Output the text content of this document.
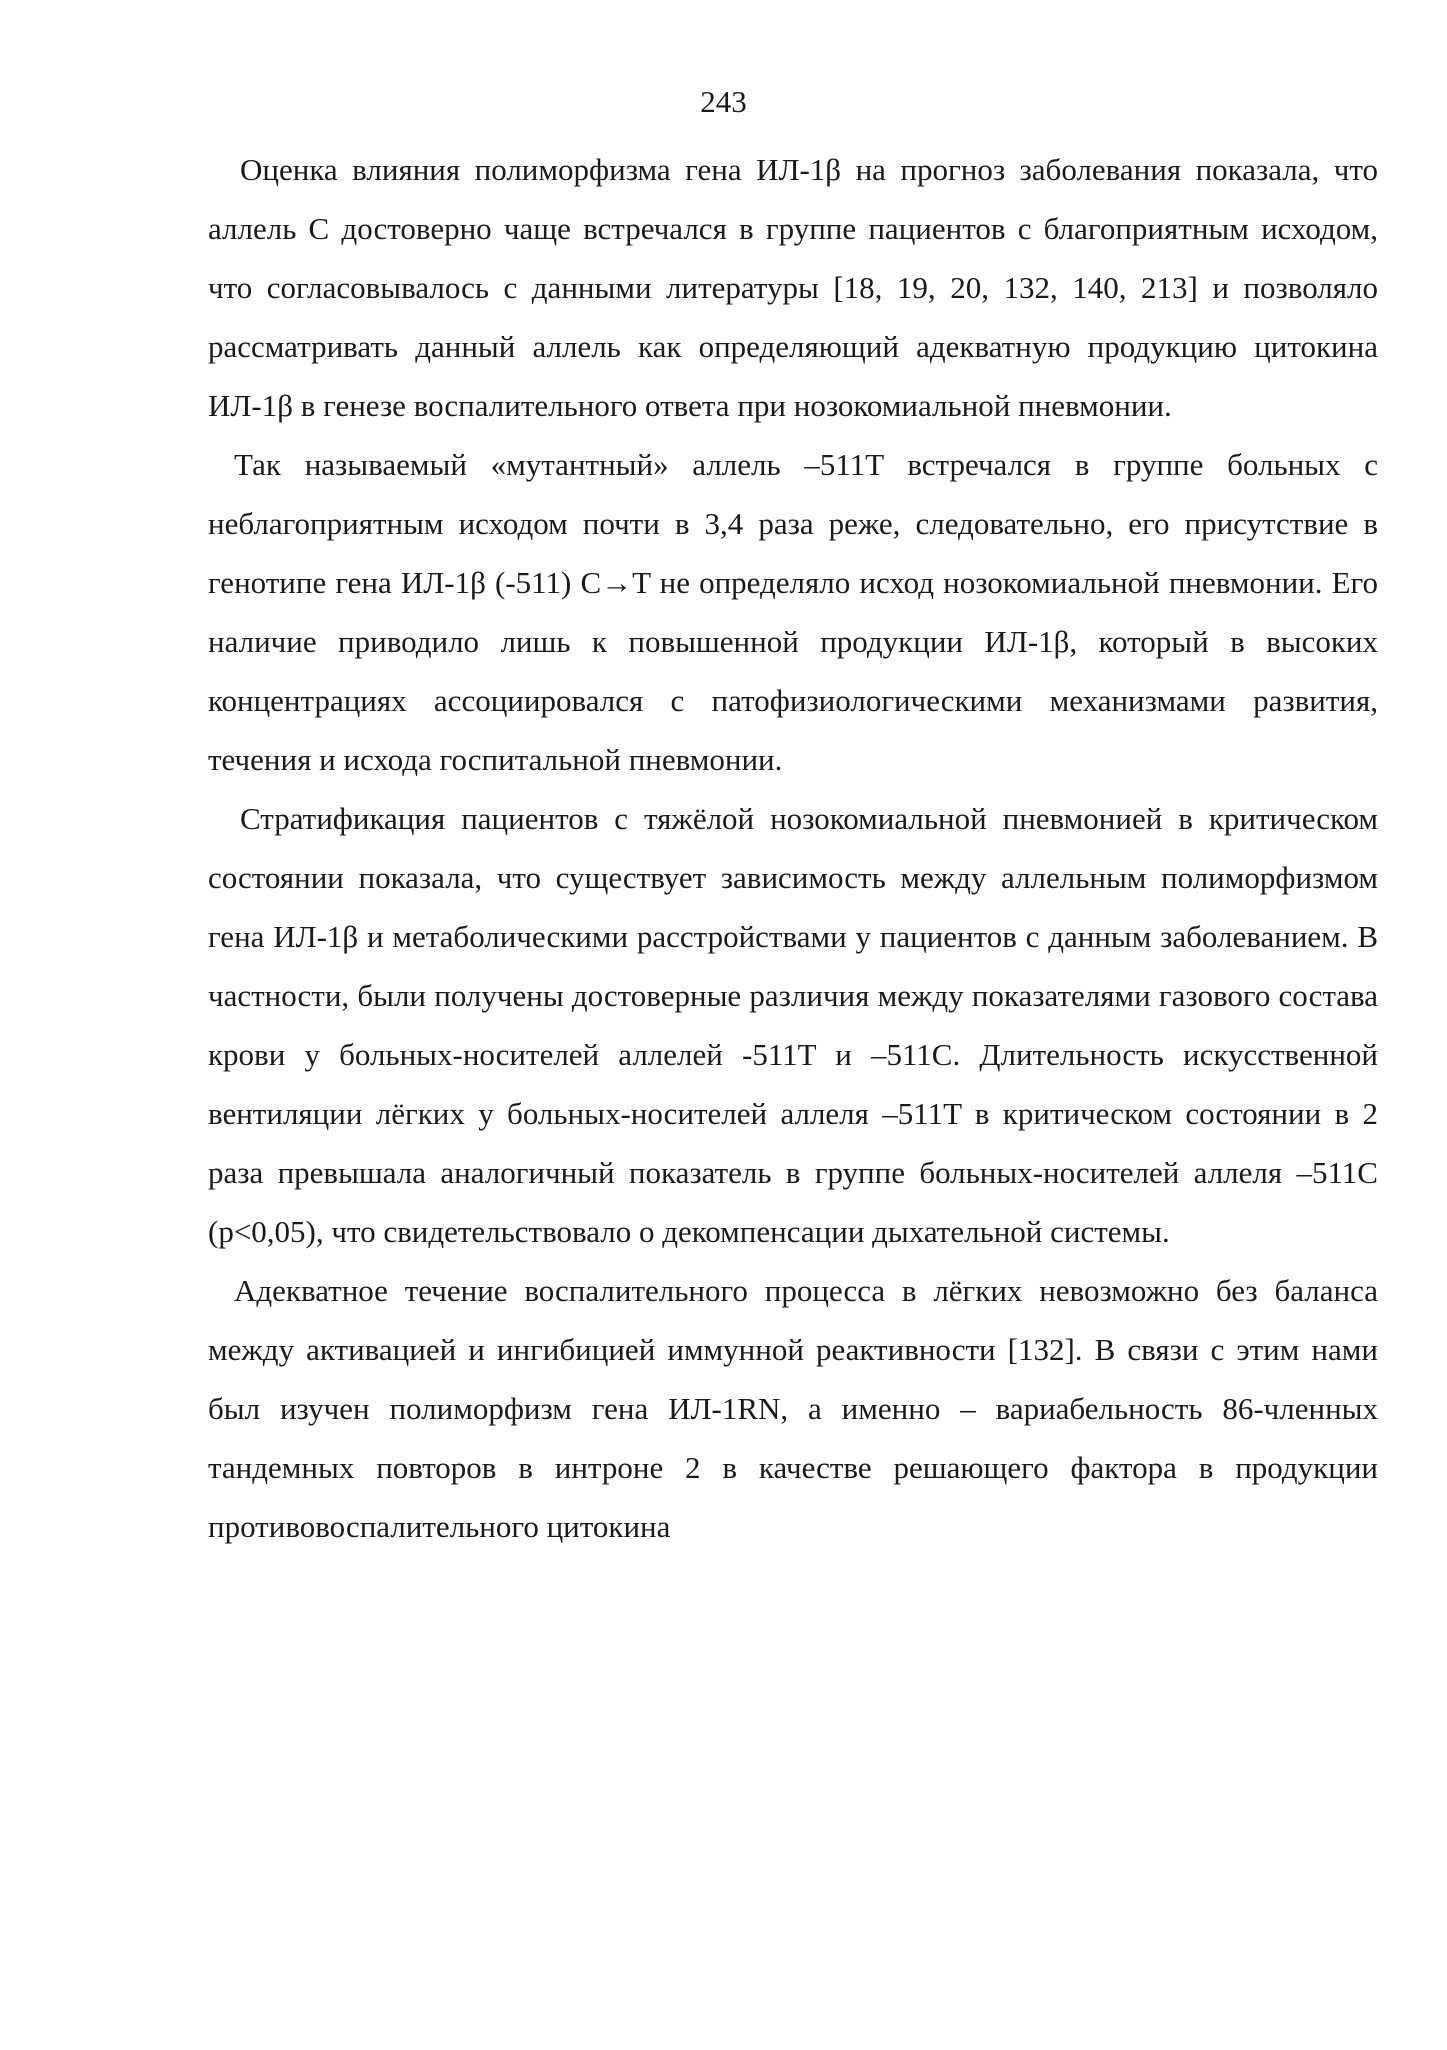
243

Оценка влияния полиморфизма гена ИЛ-1β на прогноз заболевания показала, что аллель С достоверно чаще встречался в группе пациентов с благоприятным исходом, что согласовывалось с данными литературы [18, 19, 20, 132, 140, 213] и позволяло рассматривать данный аллель как определяющий адекватную продукцию цитокина ИЛ-1β в генезе воспалительного ответа при нозокомиальной пневмонии.

Так называемый «мутантный» аллель –511T встречался в группе больных с неблагоприятным исходом почти в 3,4 раза реже, следовательно, его присутствие в генотипе гена ИЛ-1β (-511) C→T не определяло исход нозокомиальной пневмонии. Его наличие приводило лишь к повышенной продукции ИЛ-1β, который в высоких концентрациях ассоциировался с патофизиологическими механизмами развития, течения и исхода госпитальной пневмонии.

Стратификация пациентов с тяжёлой нозокомиальной пневмонией в критическом состоянии показала, что существует зависимость между аллельным полиморфизмом гена ИЛ-1β и метаболическими расстройствами у пациентов с данным заболеванием. В частности, были получены достоверные различия между показателями газового состава крови у больных-носителей аллелей -511T и –511C. Длительность искусственной вентиляции лёгких у больных-носителей аллеля –511T в критическом состоянии в 2 раза превышала аналогичный показатель в группе больных-носителей аллеля –511C (p<0,05), что свидетельствовало о декомпенсации дыхательной системы.

Адекватное течение воспалительного процесса в лёгких невозможно без баланса между активацией и ингибицией иммунной реактивности [132]. В связи с этим нами был изучен полиморфизм гена ИЛ-1RN, а именно – вариабельность 86-членных тандемных повторов в интроне 2 в качестве решающего фактора в продукции противовоспалительного цитокина
